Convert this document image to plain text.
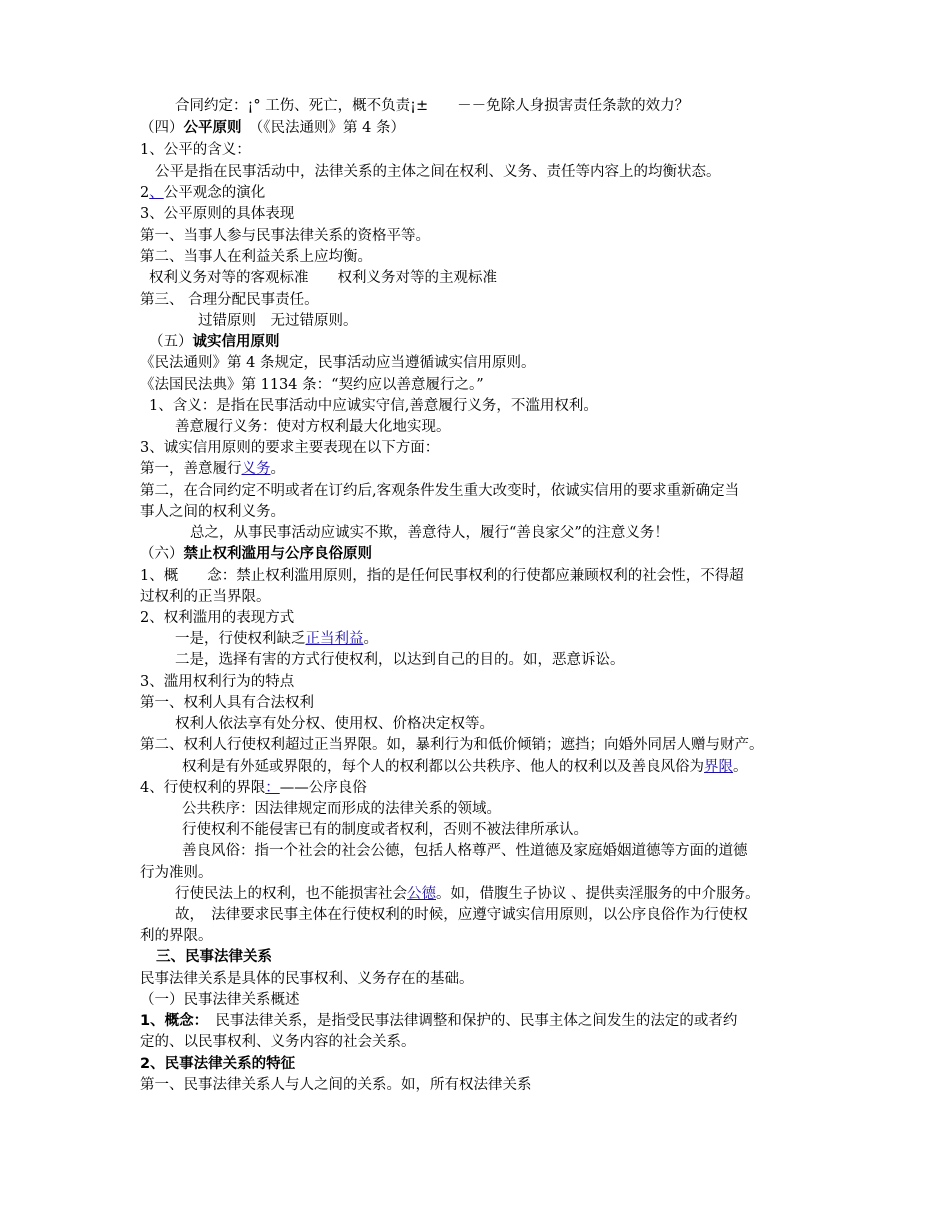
合同约定：¡° 工伤、死亡，概不负责¡±　　－－免除人身损害责任条款的效力？
（四）公平原则　（《民法通则》第 4 条）
1、公平的含义：
公平是指在民事活动中，法律关系的主体之间在权利、义务、责任等内容上的均衡状态。
2、公平观念的演化
3、公平原则的具体表现
第一、当事人参与民事法律关系的资格平等。
第二、当事人在利益关系上应均衡。
权利义务对等的客观标准　　权利义务对等的主观标准
第三、 合理分配民事责任。
过错原则　无过错原则。
（五）诚实信用原则
《民法通则》第 4 条规定，民事活动应当遵循诚实信用原则。
《法国民法典》第 1134 条：“契约应以善意履行之。”
1、含义：是指在民事活动中应诚实守信,善意履行义务，不滥用权利。
善意履行义务：使对方权利最大化地实现。
3、诚实信用原则的要求主要表现在以下方面：
第一，善意履行义务。
第二，在合同约定不明或者在订约后,客观条件发生重大改变时，依诚实信用的要求重新确定当
事人之间的权利义务。
总之，从事民事活动应诚实不欺，善意待人，履行“善良家父”的注意义务！
（六）禁止权利滥用与公序良俗原则
1、概　　念：禁止权利滥用原则，指的是任何民事权利的行使都应兼顾权利的社会性，不得超
过权利的正当界限。
2、权利滥用的表现方式
一是，行使权利缺乏正当利益。
二是，选择有害的方式行使权利，以达到自己的目的。如，恶意诉讼。
3、滥用权利行为的特点
第一、权利人具有合法权利
权利人依法享有处分权、使用权、价格决定权等。
第二、权利人行使权利超过正当界限。如，暴利行为和低价倾销；遮挡；向婚外同居人赠与财产。
权利是有外延或界限的，每个人的权利都以公共秩序、他人的权利以及善良风俗为界限。
4、行使权利的界限：——公序良俗
公共秩序：因法律规定而形成的法律关系的领域。
行使权利不能侵害已有的制度或者权利，否则不被法律所承认。
善良风俗：指一个社会的社会公德，包括人格尊严、性道德及家庭婚姻道德等方面的道德
行为准则。
行使民法上的权利，也不能损害社会公德。如，借腹生子协议 、提供卖淫服务的中介服务。
故，　法律要求民事主体在行使权利的时候，应遵守诚实信用原则，以公序良俗作为行使权
利的界限。
三、民事法律关系
民事法律关系是具体的民事权利、义务存在的基础。
（一）民事法律关系概述
1、概念：　民事法律关系，是指受民事法律调整和保护的、民事主体之间发生的法定的或者约
定的、以民事权利、义务内容的社会关系。
2、民事法律关系的特征
第一、民事法律关系人与人之间的关系。如，所有权法律关系
